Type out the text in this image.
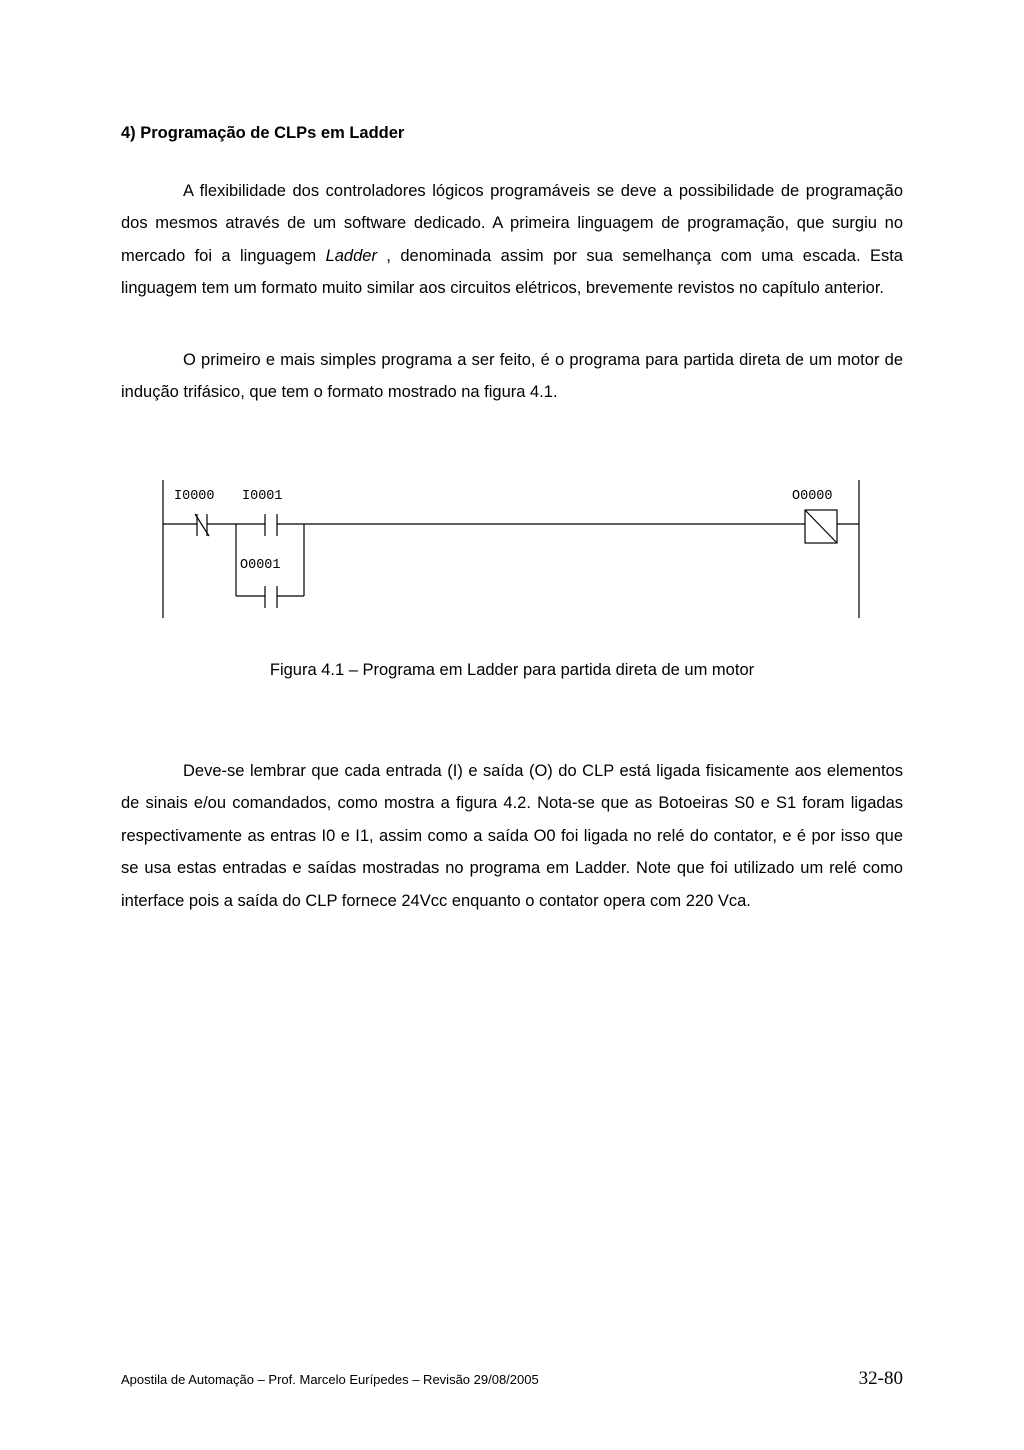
4) Programação de CLPs em Ladder

A flexibilidade dos controladores lógicos programáveis se deve a possibilidade de programação dos mesmos através de um software dedicado. A primeira linguagem de programação, que surgiu no mercado foi a linguagem Ladder , denominada assim por sua semelhança com uma escada. Esta linguagem tem um formato muito similar aos circuitos elétricos, brevemente revistos no capítulo anterior.

O primeiro e mais simples programa a ser feito, é o programa para partida direta de um motor de indução trifásico, que tem o formato mostrado na figura 4.1.

I0000 I0001	O0000
O0001
Figura 4.1 – Programa em Ladder para partida direta de um motor

Deve-se lembrar que cada entrada (I) e saída (O) do CLP está ligada fisicamente aos elementos de sinais e/ou comandados, como mostra a figura 4.2. Nota-se que as Botoeiras S0 e S1 foram ligadas respectivamente as entras I0 e I1, assim como a saída O0 foi ligada no relé do contator, e é por isso que se usa estas entradas e saídas mostradas no programa em Ladder. Note que foi utilizado um relé como interface pois a saída do CLP fornece 24Vcc enquanto o contator opera com 220 Vca.

Apostila de Automação – Prof. Marcelo Eurípedes – Revisão 29/08/2005	32-80
